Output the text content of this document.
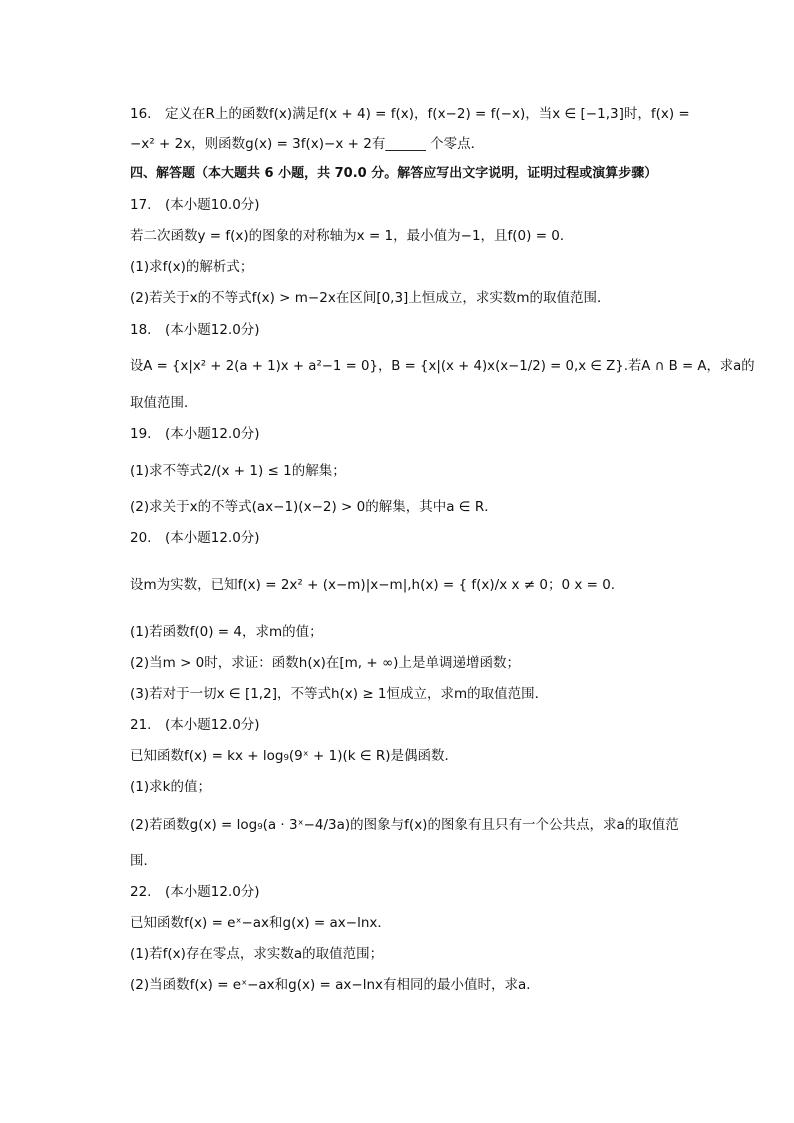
16.　定义在R上的函数f(x)满足f(x + 4) = f(x)，f(x−2) = f(−x)，当x ∈ [−1,3]时，f(x) =
−x² + 2x，则函数g(x) = 3f(x)−x + 2有______ 个零点．
四、解答题（本大题共 6 小题，共 70.0 分。解答应写出文字说明，证明过程或演算步骤）
17.　(本小题10.0分)
若二次函数y = f(x)的图象的对称轴为x = 1，最小值为−1，且f(0) = 0．
(1)求f(x)的解析式；
(2)若关于x的不等式f(x) > m−2x在区间[0,3]上恒成立，求实数m的取值范围．
18.　(本小题12.0分)
设A = {x|x² + 2(a + 1)x + a²−1 = 0}，B = {x|(x + 4)x(x−1/2) = 0,x ∈ Z}.若A ∩ B = A，求a的
取值范围．
19.　(本小题12.0分)
(1)求不等式2/(x + 1) ≤ 1的解集；
(2)求关于x的不等式(ax−1)(x−2) > 0的解集，其中a ∈ R．
20.　(本小题12.0分)
设m为实数，已知f(x) = 2x² + (x−m)|x−m|,h(x) = { f(x)/x x ≠ 0；0 x = 0.
(1)若函数f(0) = 4，求m的值；
(2)当m > 0时，求证：函数h(x)在[m, + ∞)上是单调递增函数；
(3)若对于一切x ∈ [1,2]，不等式h(x) ≥ 1恒成立，求m的取值范围．
21.　(本小题12.0分)
已知函数f(x) = kx + log₉(9ˣ + 1)(k ∈ R)是偶函数．
(1)求k的值；
(2)若函数g(x) = log₉(a · 3ˣ−4/3a)的图象与f(x)的图象有且只有一个公共点，求a的取值范
围．
22.　(本小题12.0分)
已知函数f(x) = eˣ−ax和g(x) = ax−lnx．
(1)若f(x)存在零点，求实数a的取值范围；
(2)当函数f(x) = eˣ−ax和g(x) = ax−lnx有相同的最小值时，求a．
